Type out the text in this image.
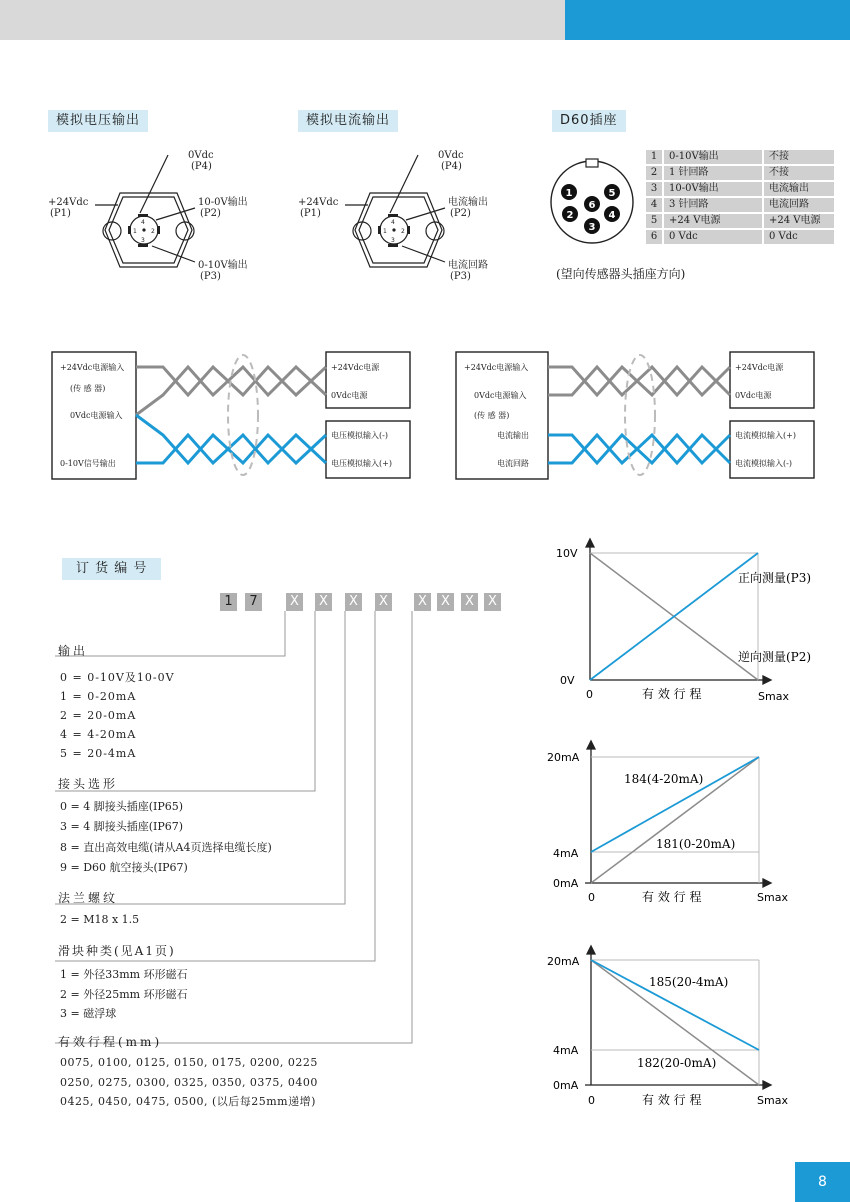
模拟电压输出	模拟电流输出	D60插座
4
1 2
3
0Vdc
(P4)
+24Vdc
(P1)
10-0V输出
(P2)
0-10V输出
(P3)
4
1 2
3
0Vdc
(P4)
+24Vdc
(P1)
电流输出
(P2)
电流回路
(P3)
1
2
3
4
5
6
1	0-10V输出	不接
2	1 针回路	不接
3	10-0V输出	电流输出
4	3 针回路	电流回路
5	+24 V电源	+24 V电源
6	0 Vdc	0 Vdc
(望向传感器头插座方向)
+24Vdc电源输入
(传 感 器)
0Vdc电源输入
0-10V信号输出
+24Vdc电源
0Vdc电源
电压模拟输入(-)
电压模拟输入(+)
+24Vdc电源输入
0Vdc电源输入
(传 感 器)
电流输出
电流回路
+24Vdc电源
0Vdc电源
电流模拟输入(+)
电流模拟输入(-)
订 货 编 号
1	7	X	X	X	X	X	X	X	X
输出
0 = 0-10V及10-0V
1 = 0-20mA
2 = 20-0mA
4 = 4-20mA
5 = 20-4mA
接头选形
0 = 4 脚接头插座(IP65)
3 = 4 脚接头插座(IP67)
8 = 直出高效电缆(请从A4页选择电缆长度)
9 = D60 航空接头(IP67)
法兰螺纹
2 = M18 x 1.5
滑块种类(见A1页)
1 = 外径33mm 环形磁石
2 = 外径25mm 环形磁石
3 = 磁浮球
有效行程(mm)
0075, 0100, 0125, 0150, 0175, 0200, 0225
0250, 0275, 0300, 0325, 0350, 0375, 0400
0425, 0450, 0475, 0500, (以后每25mm递增)
10V
0V
0	有 效 行 程	Smax
正向测量(P3)
逆向测量(P2)
20mA
4mA
0mA
0	有 效 行 程	Smax
184(4-20mA)
181(0-20mA)
20mA
4mA
0mA
0	有 效 行 程	Smax
185(20-4mA)
182(20-0mA)
8
